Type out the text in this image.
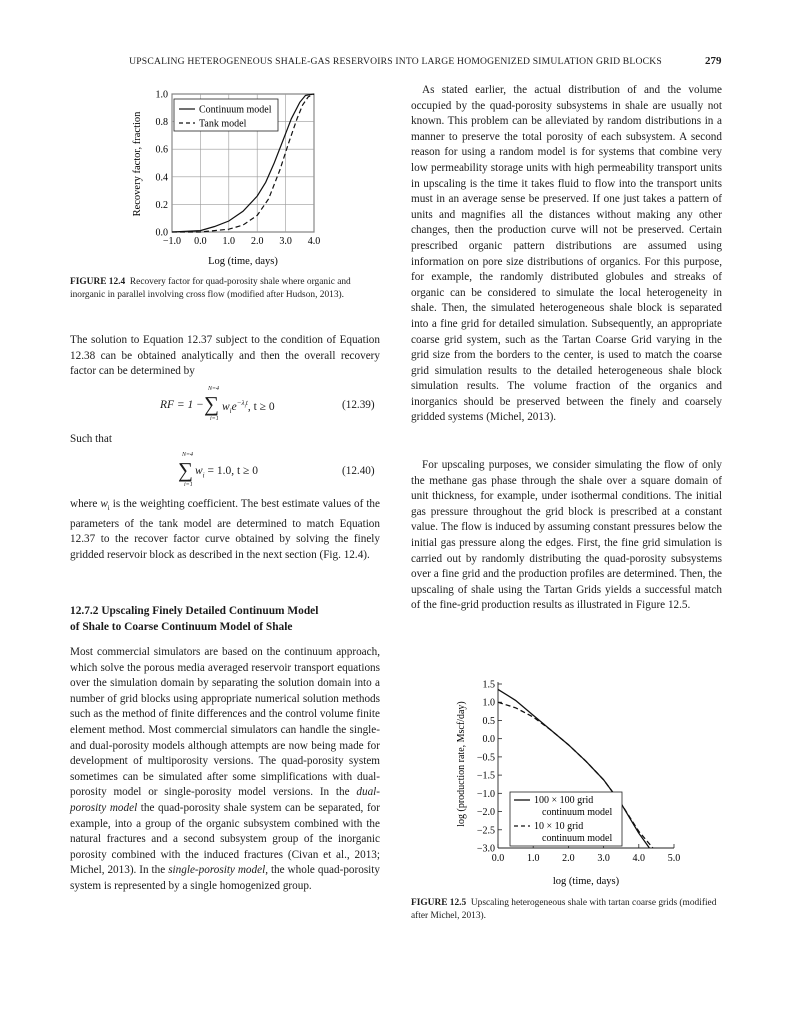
UPSCALING HETEROGENEOUS SHALE-GAS RESERVOIRS INTO LARGE HOMOGENIZED SIMULATION GRID BLOCKS	279
0.0
0.2
0.4
0.6
0.8
1.0
−1.0 0.0 1.0 2.0 3.0 4.0
Continuum model
Tank model
Log (time, days)
Recovery factor, fraction
FIGURE 12.4 Recovery factor for quad-porosity shale where organic and inorganic in parallel involving cross flow (modified after Hudson, 2013).

The solution to Equation 12.37 subject to the condition of Equation 12.38 can be obtained analytically and then the overall recovery factor can be determined by

RF = 1 −
N=4
∑
i=1
$w_ie^{-\lambda_it}$, t ≥ 0	(12.39)

Such that

N=4
∑
i=1
$w_i = 1.0$, t ≥ 0	(12.40)

where $w_i$ is the weighting coefficient. The best estimate values of the parameters of the tank model are determined to match Equation 12.37 to the recover factor curve obtained by solving the finely gridded reservoir block as described in the next section (Fig. 12.4).

12.7.2 Upscaling Finely Detailed Continuum Model
of Shale to Coarse Continuum Model of Shale

Most commercial simulators are based on the continuum approach, which solve the porous media averaged reservoir transport equations over the simulation domain by separating the solution domain into a number of grid blocks using appropriate numerical solution methods such as the method of finite differences and the control volume finite element method. Most commercial simulators can handle the single- and dual-porosity models although attempts are now being made for development of multiporosity versions. The quad-porosity system sometimes can be simulated after some simplifications with dual-porosity model or single-porosity model versions. In the dual-porosity model the quad-porosity shale system can be separated, for example, into a group of the organic subsystem combined with the natural fractures and a second subsystem group of the inorganic porosity combined with the induced fractures (Civan et al., 2013; Michel, 2013). In the single-porosity model, the whole quad-porosity system is represented by a single homogenized group.

As stated earlier, the actual distribution of and the volume occupied by the quad-porosity subsystems in shale are usually not known. This problem can be alleviated by random distributions in a manner to preserve the total porosity of each subsystem. A second reason for using a random model is for systems that combine very low permeability storage units with high permeability transport units in upscaling is the time it takes fluid to flow into the transport units must in an average sense be preserved. If one just takes a pattern of units and magnifies all the distances without making any other changes, then the production curve will not be preserved. Certain prescribed organic pattern distributions are assumed using information on pore size distributions of organics. For this purpose, for example, the randomly distributed globules and streaks of organic can be considered to simulate the local heterogeneity in shale. Then, the simulated heterogeneous shale block is separated into a fine grid for detailed simulation. Subsequently, an appropriate coarse grid system, such as the Tartan Coarse Grid varying in the grid size from the borders to the center, is used to match the coarse grid simulation results to the detailed heterogeneous shale block simulation results. The volume fraction of the organics and inorganics should be preserved between the finely and coarsely gridded systems (Michel, 2013).

For upscaling purposes, we consider simulating the flow of only the methane gas phase through the shale over a square domain of unit thickness, for example, under isothermal conditions. The initial gas pressure throughout the grid block is prescribed at a constant value. The flow is induced by assuming constant pressures below the initial gas pressure along the edges. First, the fine grid simulation is carried out by randomly distributing the quad-porosity subsystems over a fine grid and the production profiles are determined. Then, the upscaling of shale using the Tartan Grids yields a successful match of the fine-grid production results as illustrated in Figure 12.5.

1.5
1.0
0.5
0.0
−0.5
−1.5
−1.0
−2.0
−2.5
−3.0
0.0 1.0 2.0 3.0 4.0 5.0
100 × 100 grid continuum model
10 × 10 grid continuum model
log (time, days)
log (production rate, Mscf/day)
FIGURE 12.5 Upscaling heterogeneous shale with tartan coarse grids (modified after Michel, 2013).
